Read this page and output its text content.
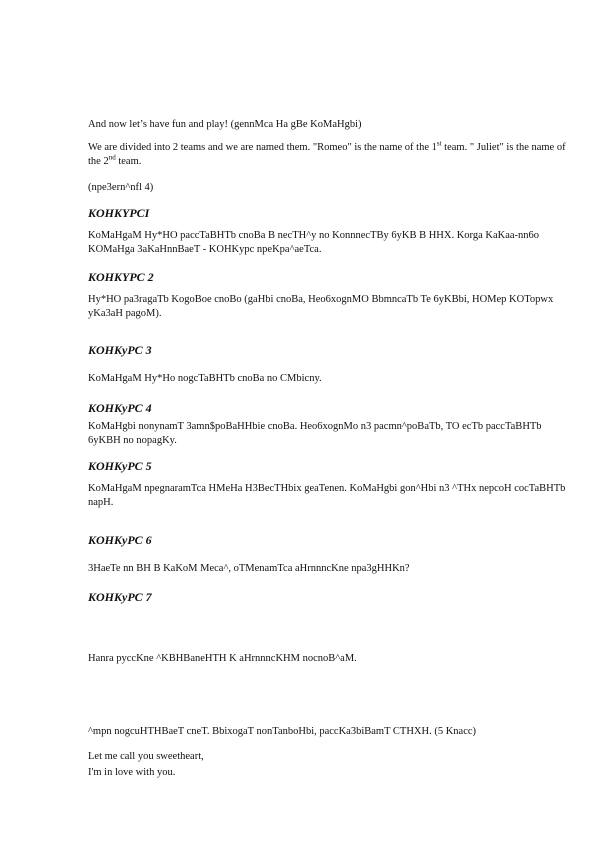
And now let’s have fun and play! (gennMca Ha gBe KoMaHgbi)
We are divided into 2 teams and we are named them. "Romeo" is the name of the 1st team. " Juliet" is the name of the 2nd team.
(npe3ern^nfl 4)
KOHKYPCI
KoMaHgaM Hy*HO paccTaBHTb cnoBa B necTH^y no KonnnecTBy 6yKB B HHX. Korga KaKaa-nn6o KOMaHga 3aKaHnnBaeT - KOHKypc npeKpa^aeTca.
KOHKYPC 2
Hy*HO pa3ragaTb KogoBoe cnoBo (gaHbi cnoBa, Heo6xognMO BbmncaTb Te 6yKBbi, HOMep KOTopwx yKa3aH pagoM).
KOHKyPC 3
KoMaHgaM Hy*Ho nogcTaBHTb cnoBa no CMbicny.
KOHKyPC 4
KoMaHgbi nonynamT 3amn$poBaHHbie cnoBa. Heo6xognMo n3 pacmn^poBaTb, TO ecTb paccTaBHTb 6yKBH no nopagKy.
KOHKyPC 5
KoMaHgaM npegnaramTca HMeHa H3BecTHbix geaTenen. KoMaHgbi gon^Hbi n3 ^THx nepcoH cocTaBHTb napH.
KOHKyPC 6
3HaeTe nn BH B KaKoM Meca^, oTMenamTca aHrnnncKne npa3gHHKn?
KOHKyPC 7
Hanra pyccKne ^KBHBaneHTH K aHrnnncKHM nocnoB^aM.
^mpn nogcuHTHBaeT cneT. BbixogaT nonTanboHbi, paccKa3biBamT CTHXH. (5 Knacc)
Let me call you sweetheart,
I'm in love with you.
